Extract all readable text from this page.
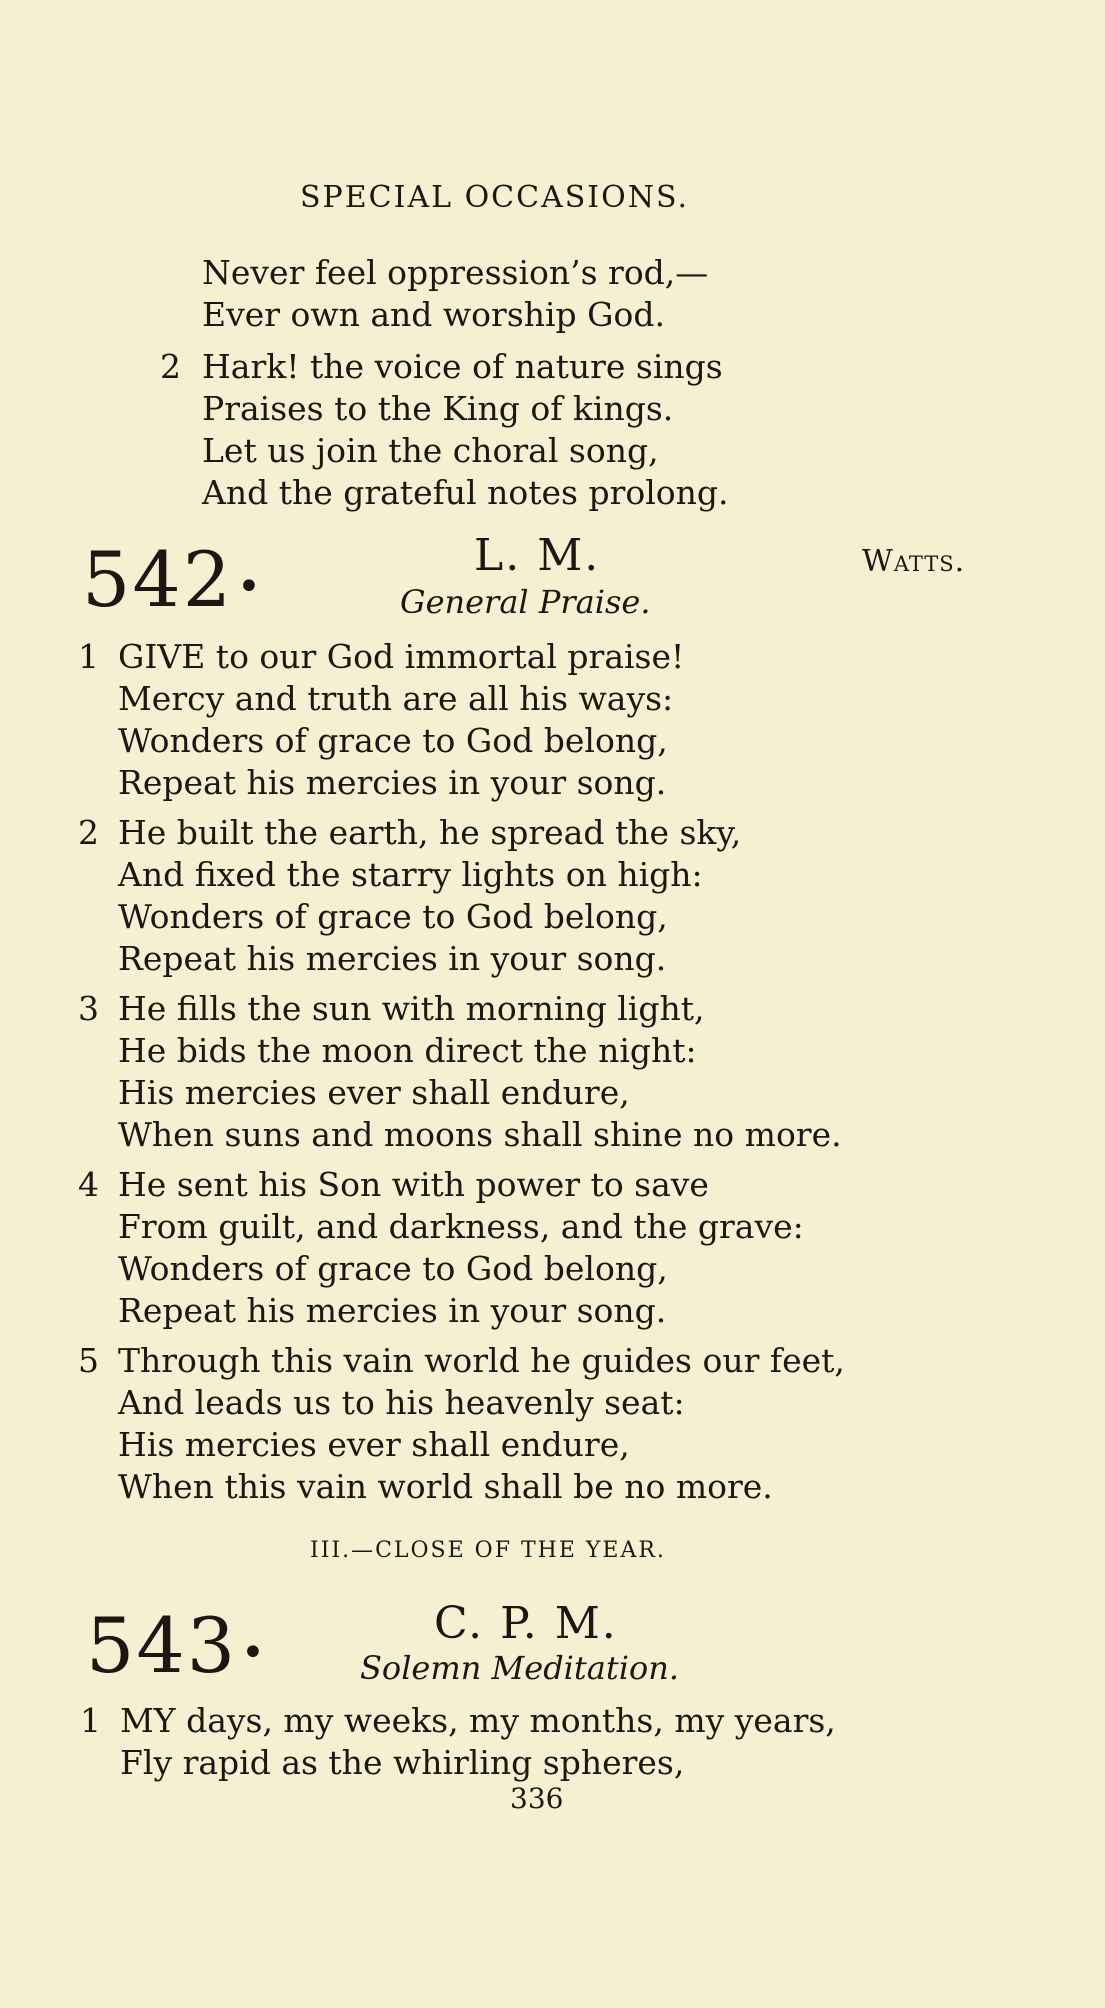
SPECIAL OCCASIONS.
Never feel oppression’s rod,—
Ever own and worship God.
2 Hark! the voice of nature sings
Praises to the King of kings.
Let us join the choral song,
And the grateful notes prolong.
542 •
L. M.
General Praise.
Watts.
1 GIVE to our God immortal praise!
Mercy and truth are all his ways:
Wonders of grace to God belong,
Repeat his mercies in your song.
2 He built the earth, he spread the sky,
And fixed the starry lights on high:
Wonders of grace to God belong,
Repeat his mercies in your song.
3 He fills the sun with morning light,
He bids the moon direct the night:
His mercies ever shall endure,
When suns and moons shall shine no more.
4 He sent his Son with power to save
From guilt, and darkness, and the grave:
Wonders of grace to God belong,
Repeat his mercies in your song.
5 Through this vain world he guides our feet,
And leads us to his heavenly seat:
His mercies ever shall endure,
When this vain world shall be no more.
III.—CLOSE OF THE YEAR.
543 •
C. P. M.
Solemn Meditation.
1 MY days, my weeks, my months, my years,
Fly rapid as the whirling spheres,
336
